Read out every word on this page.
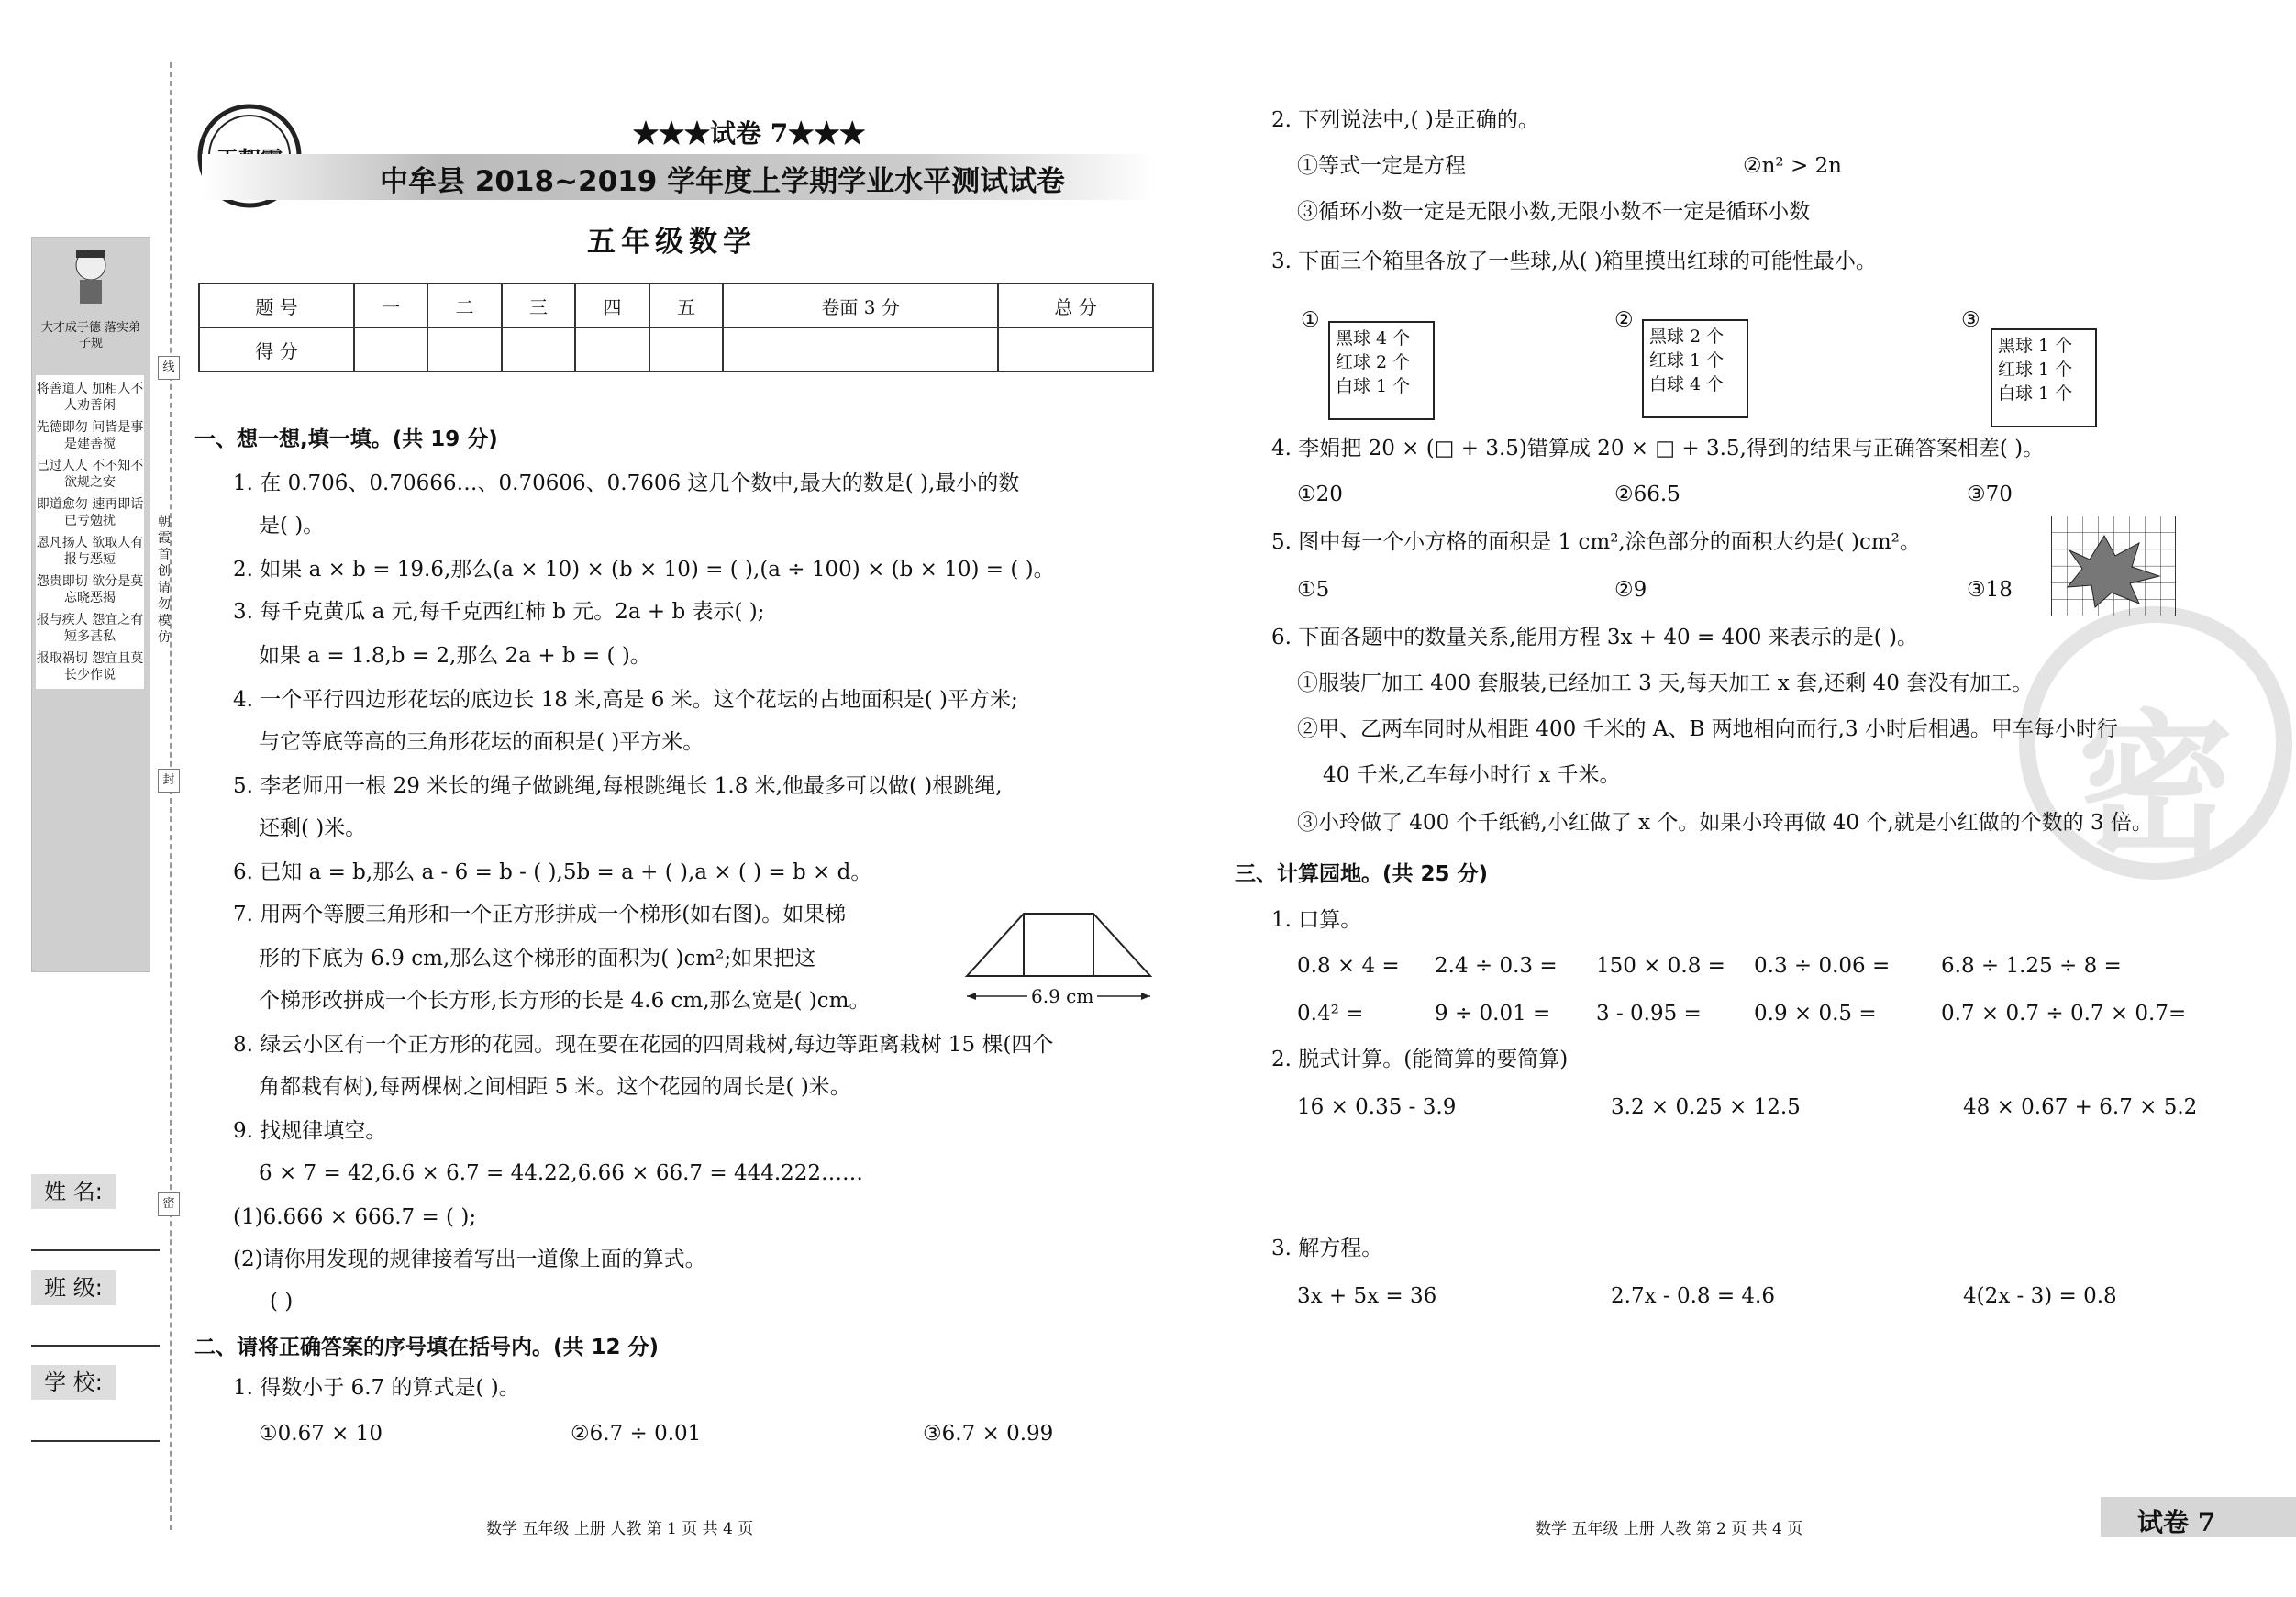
大才成于德 落实弟子规
将善道人 加相人不 人劝善闲
先德即勿 问皆是事 是建善搅
已过人人 不不知不 欲规之安
即道愈勿 速再即话 已亏勉扰
恩凡扬人 欲取人有 报与恶短
怨贵即切 欲分是莫 忘晓恶揭
报与疾人 怨宜之有 短多甚私
报取祸切 怨宜且莫 长少作说
姓 名:
班 级:
学 校:
线
封
密
朝霞首创 请勿模仿
★★★试卷 7★★★
中牟县 2018~2019 学年度上学期学业水平测试试卷
五年级数学
题 号	一	二	三	四	五	卷面 3 分	总 分
得 分							
一、想一想,填一填。(共 19 分)
1. 在 0.706̇、0.70666…、0.70606、0.7606 这几个数中,最大的数是( ),最小的数
是( )。
2. 如果 a × b = 19.6,那么(a × 10) × (b × 10) = ( ),(a ÷ 100) × (b × 10) = ( )。
3. 每千克黄瓜 a 元,每千克西红柿 b 元。2a + b 表示( );
如果 a = 1.8,b = 2,那么 2a + b = ( )。
4. 一个平行四边形花坛的底边长 18 米,高是 6 米。这个花坛的占地面积是( )平方米;
与它等底等高的三角形花坛的面积是( )平方米。
5. 李老师用一根 29 米长的绳子做跳绳,每根跳绳长 1.8 米,他最多可以做( )根跳绳,
还剩( )米。
6. 已知 a = b,那么 a - 6 = b - ( ),5b = a + ( ),a × ( ) = b × d。
7. 用两个等腰三角形和一个正方形拼成一个梯形(如右图)。如果梯
形的下底为 6.9 cm,那么这个梯形的面积为( )cm²;如果把这
个梯形改拼成一个长方形,长方形的长是 4.6 cm,那么宽是( )cm。
8. 绿云小区有一个正方形的花园。现在要在花园的四周栽树,每边等距离栽树 15 棵(四个
角都栽有树),每两棵树之间相距 5 米。这个花园的周长是( )米。
9. 找规律填空。
6 × 7 = 42,6.6 × 6.7 = 44.22,6.66 × 66.7 = 444.222……
(1)6.666 × 666.7 = ( );
(2)请你用发现的规律接着写出一道像上面的算式。
( )
6.9 cm
二、请将正确答案的序号填在括号内。(共 12 分)
1. 得数小于 6.7 的算式是( )。
①0.67 × 10	②6.7 ÷ 0.01	③6.7 × 0.99
数学 五年级 上册 人教 第 1 页 共 4 页
密
2. 下列说法中,( )是正确的。
①等式一定是方程	②n² > 2n
③循环小数一定是无限小数,无限小数不一定是循环小数
3. 下面三个箱里各放了一些球,从( )箱里摸出红球的可能性最小。
①
黑球 4 个
红球 2 个
白球 1 个
②
黑球 2 个
红球 1 个
白球 4 个
③
黑球 1 个
红球 1 个
白球 1 个
4. 李娟把 20 × (□ + 3.5)错算成 20 × □ + 3.5,得到的结果与正确答案相差( )。
①20	②66.5	③70
5. 图中每一个小方格的面积是 1 cm²,涂色部分的面积大约是( )cm²。
①5	②9	③18
6. 下面各题中的数量关系,能用方程 3x + 40 = 400 来表示的是( )。
①服装厂加工 400 套服装,已经加工 3 天,每天加工 x 套,还剩 40 套没有加工。
②甲、乙两车同时从相距 400 千米的 A、B 两地相向而行,3 小时后相遇。甲车每小时行
40 千米,乙车每小时行 x 千米。
③小玲做了 400 个千纸鹤,小红做了 x 个。如果小玲再做 40 个,就是小红做的个数的 3 倍。
三、计算园地。(共 25 分)
1. 口算。
0.8 × 4 = 2.4 ÷ 0.3 = 150 × 0.8 = 0.3 ÷ 0.06 = 6.8 ÷ 1.25 ÷ 8 =
0.4² =	9 ÷ 0.01 = 3 - 0.95 = 0.9 × 0.5 =	0.7 × 0.7 ÷ 0.7 × 0.7=
2. 脱式计算。(能简算的要简算)
16 × 0.35 - 3.9	3.2 × 0.25 × 12.5	48 × 0.67 + 6.7 × 5.2
3. 解方程。
3x + 5x = 36	2.7x - 0.8 = 4.6	4(2x - 3) = 0.8
数学 五年级 上册 人教 第 2 页 共 4 页	试卷 7
